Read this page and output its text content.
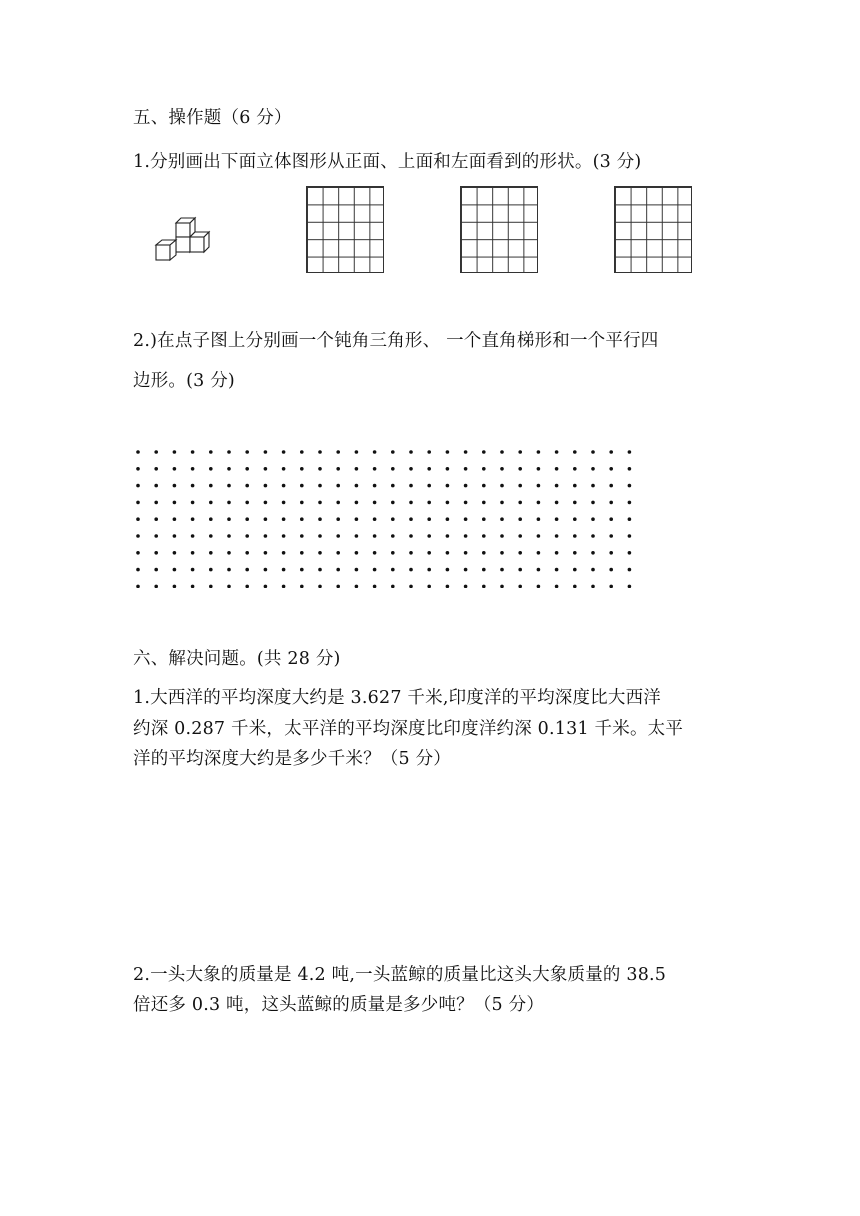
五、操作题（6 分）
1.分别画出下面立体图形从正面、上面和左面看到的形状。(3 分)
2.)在点子图上分别画一个钝角三角形、 一个直角梯形和一个平行四
边形。(3 分)
六、解决问题。(共 28 分)
1.大西洋的平均深度大约是 3.627 千米,印度洋的平均深度比大西洋
约深 0.287 千米，太平洋的平均深度比印度洋约深 0.131 千米。太平
洋的平均深度大约是多少千米？（5 分）
2.一头大象的质量是 4.2 吨,一头蓝鲸的质量比这头大象质量的 38.5
倍还多 0.3 吨，这头蓝鲸的质量是多少吨？（5 分）
